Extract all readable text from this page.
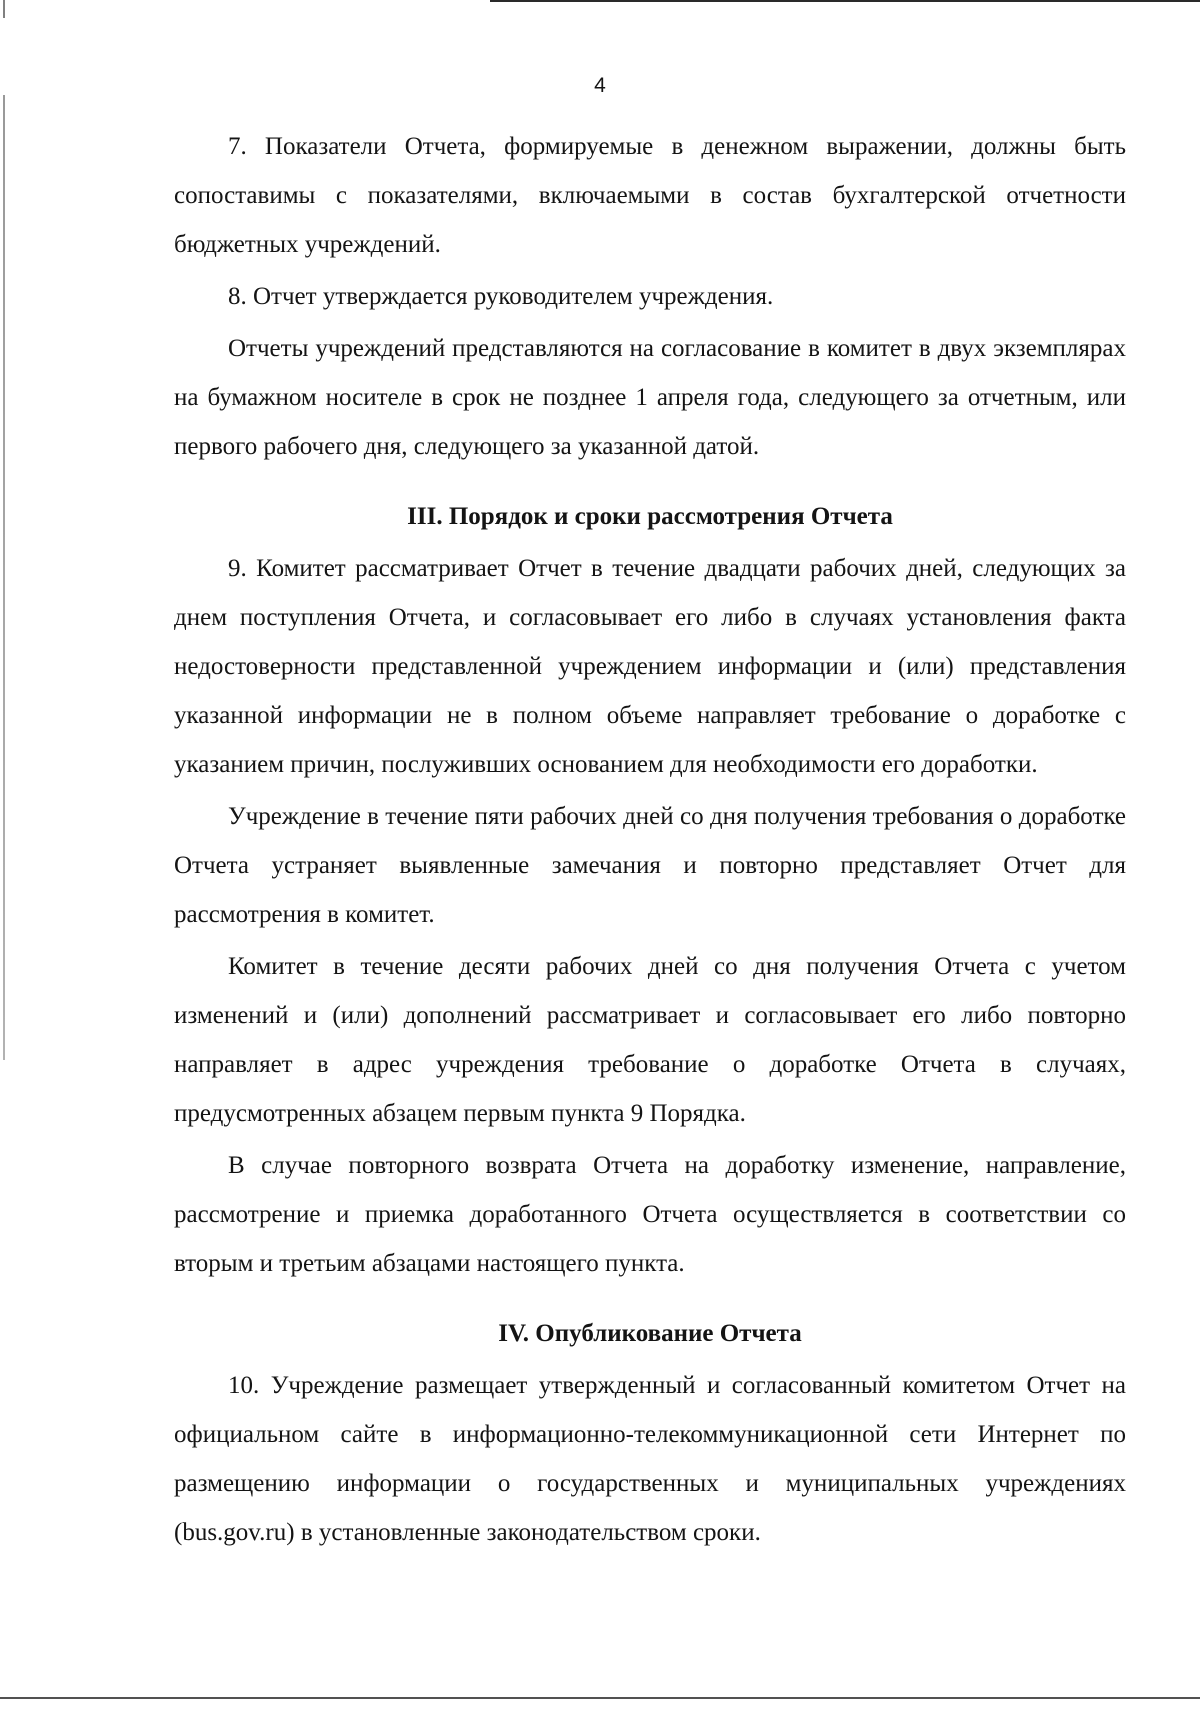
4

7. Показатели Отчета, формируемые в денежном выражении, должны быть сопоставимы с показателями, включаемыми в состав бухгалтерской отчетности бюджетных учреждений.

8. Отчет утверждается руководителем учреждения.

Отчеты учреждений представляются на согласование в комитет в двух экземплярах на бумажном носителе в срок не позднее 1 апреля года, следующего за отчетным, или первого рабочего дня, следующего за указанной датой.

III. Порядок и сроки рассмотрения Отчета

9. Комитет рассматривает Отчет в течение двадцати рабочих дней, следующих за днем поступления Отчета, и согласовывает его либо в случаях установления факта недостоверности представленной учреждением информации и (или) представления указанной информации не в полном объеме направляет требование о доработке с указанием причин, послуживших основанием для необходимости его доработки.

Учреждение в течение пяти рабочих дней со дня получения требования о доработке Отчета устраняет выявленные замечания и повторно представляет Отчет для рассмотрения в комитет.

Комитет в течение десяти рабочих дней со дня получения Отчета с учетом изменений и (или) дополнений рассматривает и согласовывает его либо повторно направляет в адрес учреждения требование о доработке Отчета в случаях, предусмотренных абзацем первым пункта 9 Порядка.

В случае повторного возврата Отчета на доработку изменение, направление, рассмотрение и приемка доработанного Отчета осуществляется в соответствии со вторым и третьим абзацами настоящего пункта.

IV. Опубликование Отчета

10. Учреждение размещает утвержденный и согласованный комитетом Отчет на официальном сайте в информационно-телекоммуникационной сети Интернет по размещению информации о государственных и муниципальных учреждениях (bus.gov.ru) в установленные законодательством сроки.
